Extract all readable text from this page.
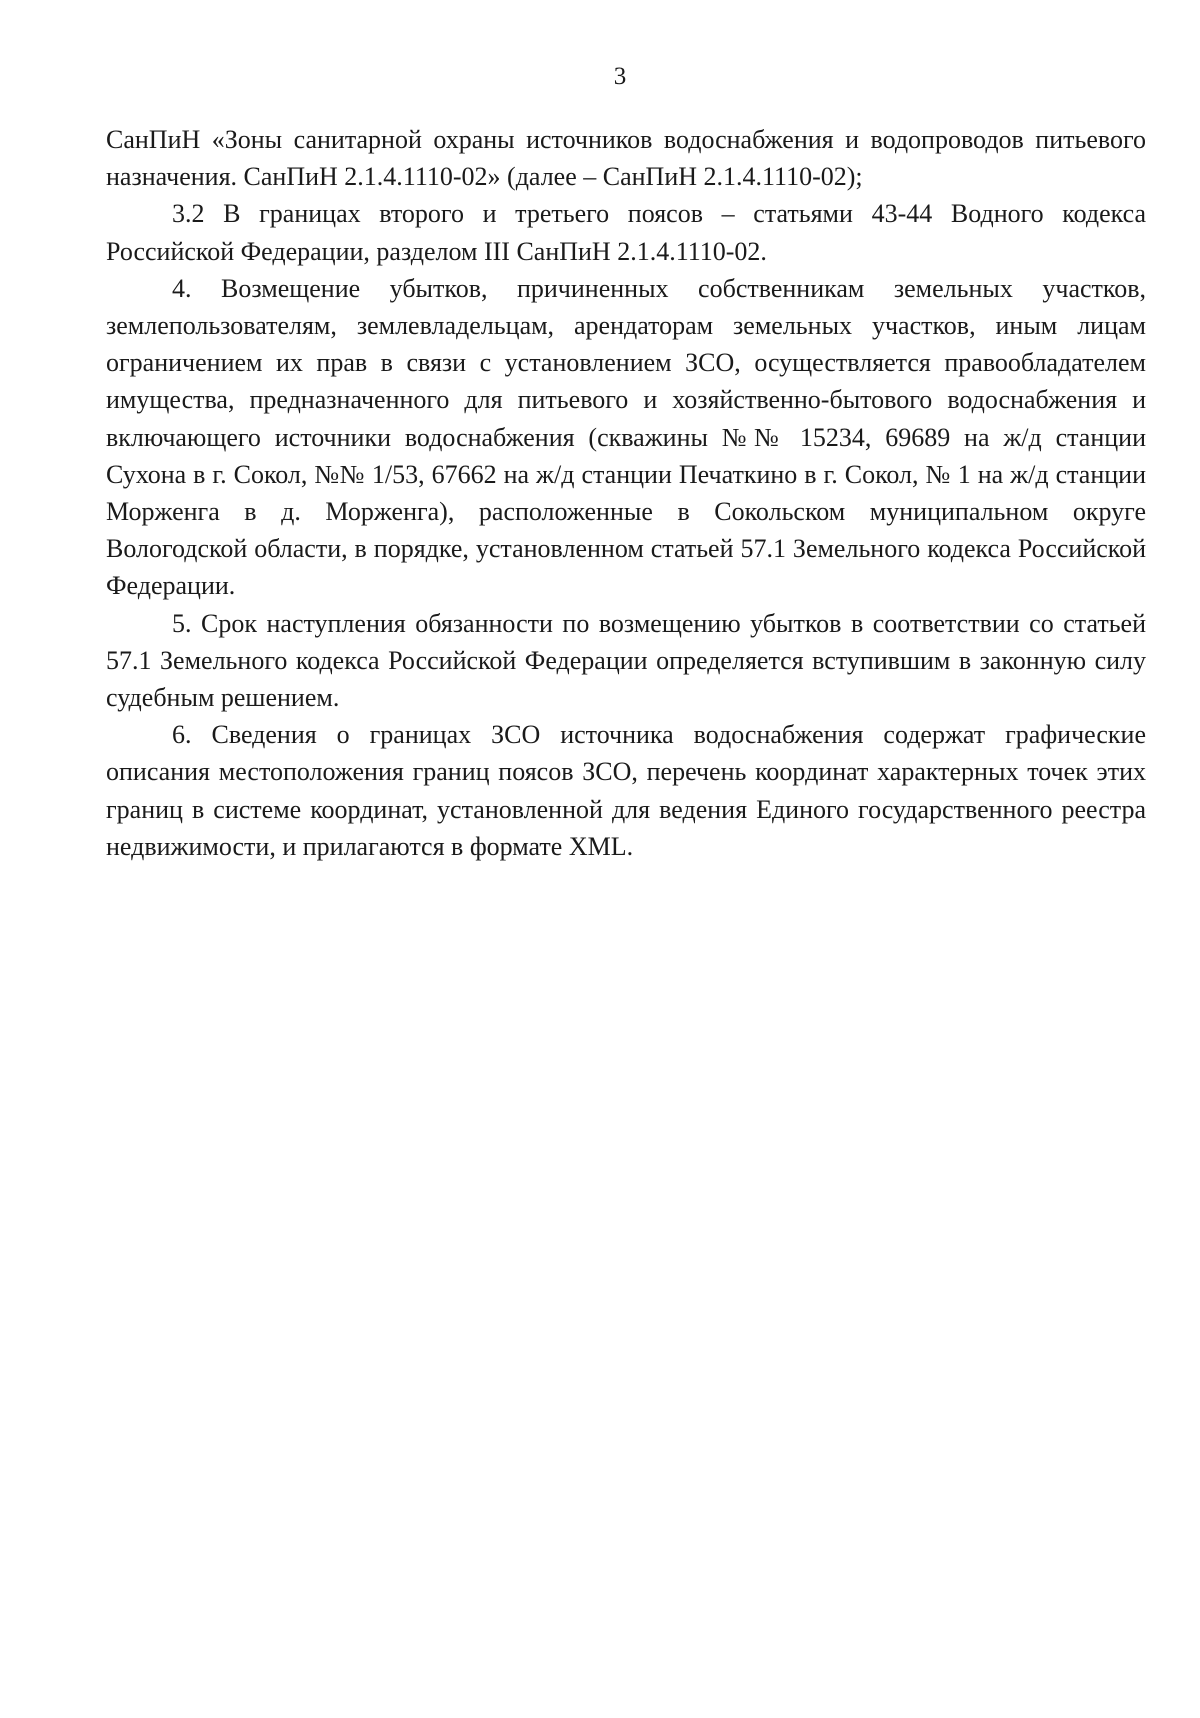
3

СанПиН «Зоны санитарной охраны источников водоснабжения и водопроводов питьевого назначения. СанПиН 2.1.4.1110-02» (далее – СанПиН 2.1.4.1110-02);

3.2 В границах второго и третьего поясов – статьями 43-44 Водного кодекса Российской Федерации, разделом III СанПиН 2.1.4.1110-02.

4. Возмещение убытков, причиненных собственникам земельных участков, землепользователям, землевладельцам, арендаторам земельных участков, иным лицам ограничением их прав в связи с установлением ЗСО, осуществляется правообладателем имущества, предназначенного для питьевого и хозяйственно-бытового водоснабжения и включающего источники водоснабжения (скважины №№ 15234, 69689 на ж/д станции Сухона в г. Сокол, №№ 1/53, 67662 на ж/д станции Печаткино в г. Сокол, № 1 на ж/д станции Морженга в д. Морженга), расположенные в Сокольском муниципальном округе Вологодской области, в порядке, установленном статьей 57.1 Земельного кодекса Российской Федерации.

5. Срок наступления обязанности по возмещению убытков в соответствии со статьей 57.1 Земельного кодекса Российской Федерации определяется вступившим в законную силу судебным решением.

6. Сведения о границах ЗСО источника водоснабжения содержат графические описания местоположения границ поясов ЗСО, перечень координат характерных точек этих границ в системе координат, установленной для ведения Единого государственного реестра недвижимости, и прилагаются в формате XML.
